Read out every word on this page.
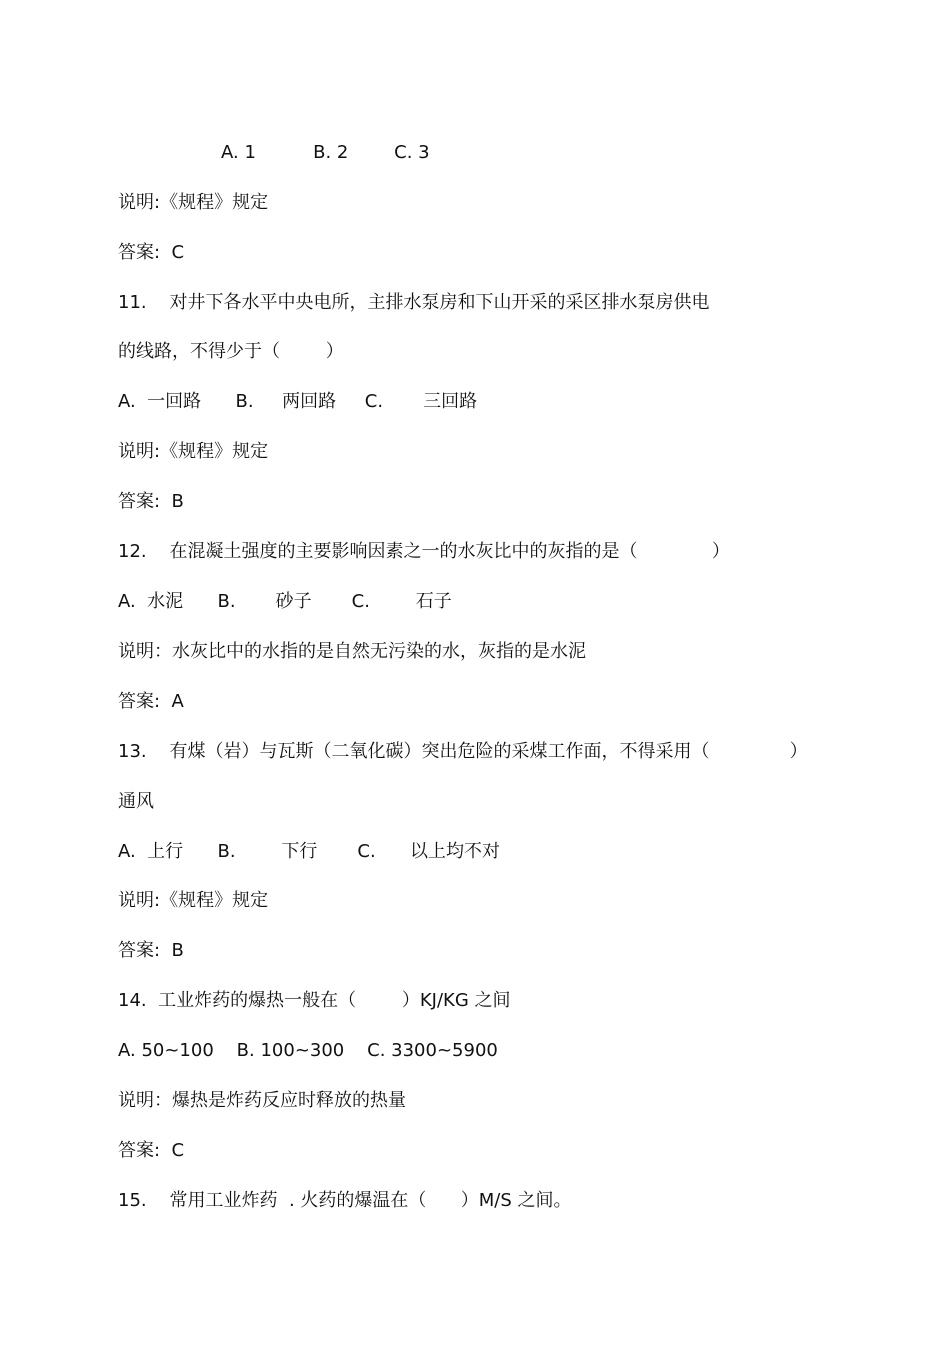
A. 1          B. 2        C. 3
说明:《规程》规定
答案:  C
11.    对井下各水平中央电所，主排水泵房和下山开采的采区排水泵房供电
的线路，不得少于（        ）
A.  一回路      B.     两回路     C.       三回路
说明:《规程》规定
答案:  B
12.    在混凝土强度的主要影响因素之一的水灰比中的灰指的是（             ）
A.  水泥      B.       砂子       C.        石子
说明：水灰比中的水指的是自然无污染的水，灰指的是水泥
答案:  A
13.    有煤（岩）与瓦斯（二氧化碳）突出危险的采煤工作面，不得采用（              ）
通风
A.  上行      B.        下行       C.      以上均不对
说明:《规程》规定
答案:  B
14.  工业炸药的爆热一般在（        ）KJ/KG 之间
A. 50~100    B. 100~300    C. 3300~5900
说明：爆热是炸药反应时释放的热量
答案:  C
15.    常用工业炸药  . 火药的爆温在（      ）M/S 之间。
